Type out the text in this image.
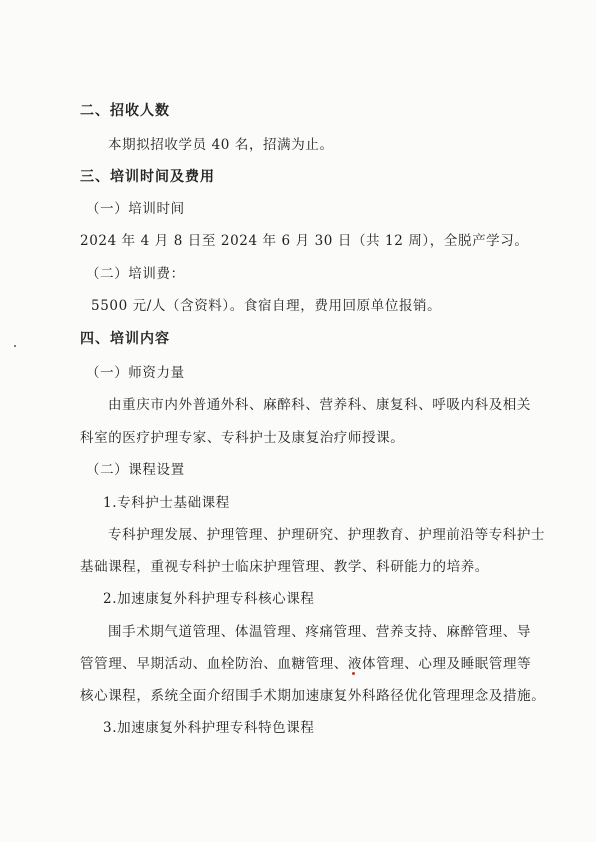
二、招收人数
本期拟招收学员 40 名，招满为止。
三、培训时间及费用
（一）培训时间
2024 年 4 月 8 日至 2024 年 6 月 30 日（共 12 周），全脱产学习。
（二）培训费：
5500 元/人（含资料）。食宿自理，费用回原单位报销。
四、培训内容
（一）师资力量
由重庆市内外普通外科、麻醉科、营养科、康复科、呼吸内科及相关
科室的医疗护理专家、专科护士及康复治疗师授课。
（二）课程设置
1.专科护士基础课程
专科护理发展、护理管理、护理研究、护理教育、护理前沿等专科护士
基础课程，重视专科护士临床护理管理、教学、科研能力的培养。
2.加速康复外科护理专科核心课程
围手术期气道管理、体温管理、疼痛管理、营养支持、麻醉管理、导
管管理、早期活动、血栓防治、血糖管理、液体管理、心理及睡眠管理等
核心课程，系统全面介绍围手术期加速康复外科路径优化管理理念及措施。
3.加速康复外科护理专科特色课程
